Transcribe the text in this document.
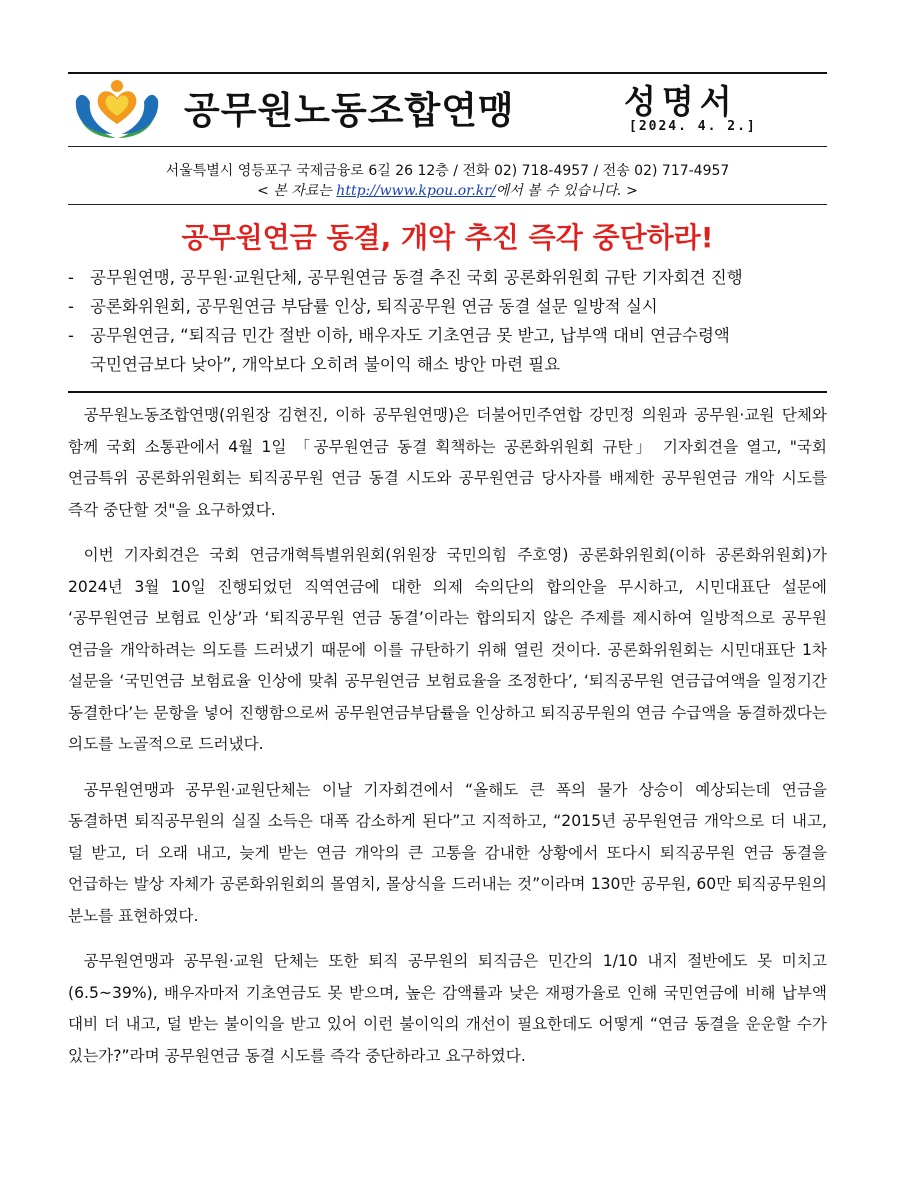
공무원노동조합연맹	성명서
[2024. 4. 2.]
서울특별시 영등포구 국제금융로 6길 26 12층 / 전화 02) 718-4957 / 전송 02) 717-4957
< 본 자료는 http://www.kpou.or.kr/에서 볼 수 있습니다. >
공무원연금 동결, 개악 추진 즉각 중단하라!
- 공무원연맹, 공무원·교원단체, 공무원연금 동결 추진 국회 공론화위원회 규탄 기자회견 진행
- 공론화위원회, 공무원연금 부담률 인상, 퇴직공무원 연금 동결 설문 일방적 실시
- 공무원연금, “퇴직금 민간 절반 이하, 배우자도 기초연금 못 받고, 납부액 대비 연금수령액
국민연금보다 낮아”, 개악보다 오히려 불이익 해소 방안 마련 필요

공무원노동조합연맹(위원장 김현진, 이하 공무원연맹)은 더불어민주연합 강민정 의원과 공무원·교원 단체와 함께 국회 소통관에서 4월 1일 「공무원연금 동결 획책하는 공론화위원회 규탄」 기자회견을 열고, "국회 연금특위 공론화위원회는 퇴직공무원 연금 동결 시도와 공무원연금 당사자를 배제한 공무원연금 개악 시도를 즉각 중단할 것"을 요구하였다.

이번 기자회견은 국회 연금개혁특별위원회(위원장 국민의힘 주호영) 공론화위원회(이하 공론화위원회)가 2024년 3월 10일 진행되었던 직역연금에 대한 의제 숙의단의 합의안을 무시하고, 시민대표단 설문에 ‘공무원연금 보험료 인상’과 ‘퇴직공무원 연금 동결’이라는 합의되지 않은 주제를 제시하여 일방적으로 공무원 연금을 개악하려는 의도를 드러냈기 때문에 이를 규탄하기 위해 열린 것이다. 공론화위원회는 시민대표단 1차 설문을 ‘국민연금 보험료율 인상에 맞춰 공무원연금 보험료율을 조정한다’, ‘퇴직공무원 연금급여액을 일정기간 동결한다’는 문항을 넣어 진행함으로써 공무원연금부담률을 인상하고 퇴직공무원의 연금 수급액을 동결하겠다는 의도를 노골적으로 드러냈다.

공무원연맹과 공무원·교원단체는 이날 기자회견에서 “올해도 큰 폭의 물가 상승이 예상되는데 연금을 동결하면 퇴직공무원의 실질 소득은 대폭 감소하게 된다”고 지적하고, “2015년 공무원연금 개악으로 더 내고, 덜 받고, 더 오래 내고, 늦게 받는 연금 개악의 큰 고통을 감내한 상황에서 또다시 퇴직공무원 연금 동결을 언급하는 발상 자체가 공론화위원회의 몰염치, 몰상식을 드러내는 것”이라며 130만 공무원, 60만 퇴직공무원의 분노를 표현하였다.

공무원연맹과 공무원·교원 단체는 또한 퇴직 공무원의 퇴직금은 민간의 1/10 내지 절반에도 못 미치고(6.5~39%), 배우자마저 기초연금도 못 받으며, 높은 감액률과 낮은 재평가율로 인해 국민연금에 비해 납부액 대비 더 내고, 덜 받는 불이익을 받고 있어 이런 불이익의 개선이 필요한데도 어떻게 “연금 동결을 운운할 수가 있는가?”라며 공무원연금 동결 시도를 즉각 중단하라고 요구하였다.
